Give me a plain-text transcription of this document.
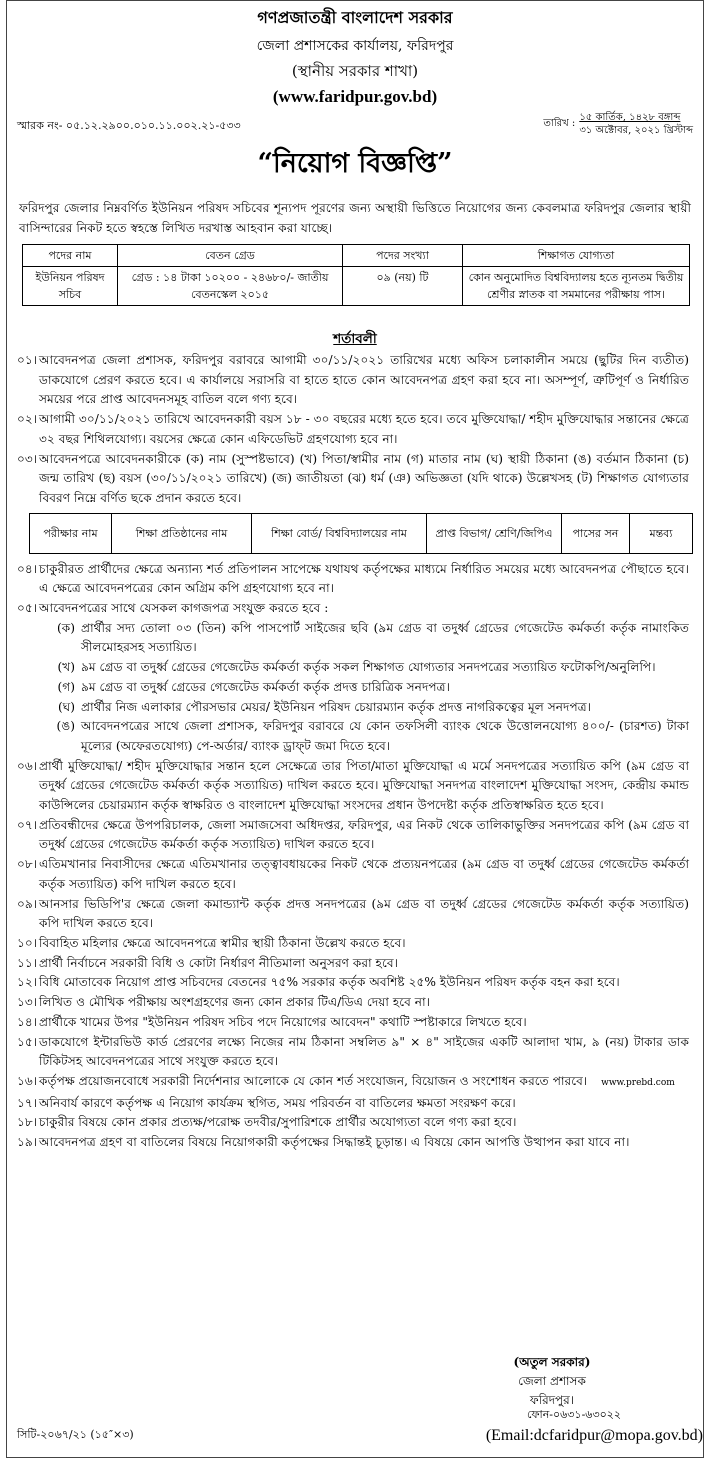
গণপ্রজাতন্ত্রী বাংলাদেশ সরকার
জেলা প্রশাসকের কার্যালয়, ফরিদপুর
(স্থানীয় সরকার শাখা)
(www.faridpur.gov.bd)
স্মারক নং- ০৫.১২.২৯০০.০১০.১১.০০২.২১-৫৩৩	তারিখ :
১৫ কার্তিক, ১৪২৮ বঙ্গাব্দ
৩১ অক্টোবর, ২০২১ খ্রিস্টাব্দ
“নিয়োগ বিজ্ঞপ্তি”
ফরিদপুর জেলার নিম্নবর্ণিত ইউনিয়ন পরিষদ সচিবের শূন্যপদ পূরণের জন্য অস্থায়ী ভিত্তিতে নিয়োগের জন্য কেবলমাত্র ফরিদপুর জেলার স্থায়ী বাসিন্দারের নিকট হতে স্বহস্তে লিখিত দরখাস্ত আহবান করা যাচ্ছে।
পদের নাম	বেতন গ্রেড	পদের সংখ্যা	শিক্ষাগত যোগ্যতা
ইউনিয়ন পরিষদ সচিব	গ্রেড : ১৪ টাকা ১০২০০ - ২৪৬৮০/- জাতীয় বেতনস্কেল ২০১৫	০৯ (নয়) টি	কোন অনুমোদিত বিশ্ববিদ্যালয় হতে ন্যূনতম দ্বিতীয় শ্রেণীর স্নাতক বা সমমানের পরীক্ষায় পাস।
শর্তাবলী
০১। আবেদনপত্র জেলা প্রশাসক, ফরিদপুর বরাবরে আগামী ৩০/১১/২০২১ তারিখের মধ্যে অফিস চলাকালীন সময়ে (ছুটির দিন ব্যতীত) ডাকযোগে প্রেরণ করতে হবে। এ কার্যালয়ে সরাসরি বা হাতে হাতে কোন আবেদনপত্র গ্রহণ করা হবে না। অসম্পূর্ণ, ত্রুটিপূর্ণ ও নির্ধারিত সময়ের পরে প্রাপ্ত আবেদনসমূহ বাতিল বলে গণ্য হবে।
০২। আগামী ৩০/১১/২০২১ তারিখে আবেদনকারী বয়স ১৮ - ৩০ বছরের মধ্যে হতে হবে। তবে মুক্তিযোদ্ধা/ শহীদ মুক্তিযোদ্ধার সন্তানের ক্ষেত্রে ৩২ বছর শিথিলযোগ্য। বয়সের ক্ষেত্রে কোন এফিডেভিট গ্রহণযোগ্য হবে না।
০৩। আবেদনপত্রে আবেদনকারীকে (ক) নাম (সুস্পষ্টভাবে) (খ) পিতা/স্বামীর নাম (গ) মাতার নাম (ঘ) স্থায়ী ঠিকানা (ঙ) বর্তমান ঠিকানা (চ) জন্ম তারিখ (ছ) বয়স (৩০/১১/২০২১ তারিখে) (জ) জাতীয়তা (ঝ) ধর্ম (ঞ) অভিজ্ঞতা (যদি থাকে) উল্লেখসহ (ট) শিক্ষাগত যোগ্যতার বিবরণ নিম্নে বর্ণিত ছকে প্রদান করতে হবে।
পরীক্ষার নাম	শিক্ষা প্রতিষ্ঠানের নাম	শিক্ষা বোর্ড/ বিশ্ববিদ্যালয়ের নাম	প্রাপ্ত বিভাগ/ শ্রেণি/জিপিএ	পাসের সন	মন্তব্য
০৪। চাকুরীরত প্রার্থীদের ক্ষেত্রে অন্যান্য শর্ত প্রতিপালন সাপেক্ষে যথাযথ কর্তৃপক্ষের মাধ্যমে নির্ধারিত সময়ের মধ্যে আবেদনপত্র পৌছাতে হবে। এ ক্ষেত্রে আবেদনপত্রের কোন অগ্রিম কপি গ্রহণযোগ্য হবে না।
০৫। আবেদনপত্রের সাথে যেসকল কাগজপত্র সংযুক্ত করতে হবে :
(ক) প্রার্থীর সদ্য তোলা ০৩ (তিন) কপি পাসপোর্ট সাইজের ছবি (৯ম গ্রেড বা তদুর্ধ্ব গ্রেডের গেজেটেড কর্মকর্তা কর্তৃক নামাংকিত সীলমোহরসহ সত্যায়িত।
(খ) ৯ম গ্রেড বা তদুর্ধ্ব গ্রেডের গেজেটেড কর্মকর্তা কর্তৃক সকল শিক্ষাগত যোগ্যতার সনদপত্রের সত্যায়িত ফটোকপি/অনুলিপি।
(গ) ৯ম গ্রেড বা তদুর্ধ্ব গ্রেডের গেজেটেড কর্মকর্তা কর্তৃক প্রদত্ত চারিত্রিক সনদপত্র।
(ঘ) প্রার্থীর নিজ এলাকার পৌরসভার মেয়র/ ইউনিয়ন পরিষদ চেয়ারম্যান কর্তৃক প্রদত্ত নাগরিকত্বের মূল সনদপত্র।
(ঙ) আবেদনপত্রের সাথে জেলা প্রশাসক, ফরিদপুর বরাবরে যে কোন তফসিলী ব্যাংক থেকে উত্তোলনযোগ্য ৪০০/- (চারশত) টাকা মূল্যের (অফেরতযোগ্য) পে-অর্ডার/ ব্যাংক ড্রাফ্‌ট জমা দিতে হবে।
০৬। প্রার্থী মুক্তিযোদ্ধা/ শহীদ মুক্তিযোদ্ধার সন্তান হলে সেক্ষেত্রে তার পিতা/মাতা মুক্তিযোদ্ধা এ মর্মে সনদপত্রের সত্যায়িত কপি (৯ম গ্রেড বা তদুর্ধ্ব গ্রেডের গেজেটেড কর্মকর্তা কর্তৃক সত্যায়িত) দাখিল করতে হবে। মুক্তিযোদ্ধা সনদপত্র বাংলাদেশ মুক্তিযোদ্ধা সংসদ, কেন্দ্রীয় কমান্ড কাউন্সিলের চেয়ারম্যান কর্তৃক স্বাক্ষরিত ও বাংলাদেশ মুক্তিযোদ্ধা সংসদের প্রধান উপদেষ্টা কর্তৃক প্রতিস্বাক্ষরিত হতে হবে।
০৭। প্রতিবন্ধীদের ক্ষেত্রে উপপরিচালক, জেলা সমাজসেবা অধিদপ্তর, ফরিদপুর, এর নিকট থেকে তালিকাভুক্তির সনদপত্রের কপি (৯ম গ্রেড বা তদুর্ধ্ব গ্রেডের গেজেটেড কর্মকর্তা কর্তৃক সত্যায়িত) দাখিল করতে হবে।
০৮। এতিমখানার নিবাসীদের ক্ষেত্রে এতিমখানার তত্ত্বাবধায়কের নিকট থেকে প্রত্যয়নপত্রের (৯ম গ্রেড বা তদুর্ধ্ব গ্রেডের গেজেটেড কর্মকর্তা কর্তৃক সত্যায়িত) কপি দাখিল করতে হবে।
০৯। আনসার ভিডিপি'র ক্ষেত্রে জেলা কমান্ড্যান্ট কর্তৃক প্রদত্ত সনদপত্রের (৯ম গ্রেড বা তদুর্ধ্ব গ্রেডের গেজেটেড কর্মকর্তা কর্তৃক সত্যায়িত) কপি দাখিল করতে হবে।
১০। বিবাহিত মহিলার ক্ষেত্রে আবেদনপত্রে স্বামীর স্থায়ী ঠিকানা উল্লেখ করতে হবে।
১১। প্রার্থী নির্বাচনে সরকারী বিধি ও কোটা নির্ধারণ নীতিমালা অনুসরণ করা হবে।
১২। বিধি মোতাবেক নিয়োগ প্রাপ্ত সচিবদের বেতনের ৭৫% সরকার কর্তৃক অবশিষ্ট ২৫% ইউনিয়ন পরিষদ কর্তৃক বহন করা হবে।
১৩। লিখিত ও মৌখিক পরীক্ষায় অংশগ্রহণের জন্য কোন প্রকার টিএ/ডিএ দেয়া হবে না।
১৪। প্রার্থীকে খামের উপর "ইউনিয়ন পরিষদ সচিব পদে নিয়োগের আবেদন" কথাটি স্পষ্টাকারে লিখতে হবে।
১৫। ডাকযোগে ইন্টারভিউ কার্ড প্রেরণের লক্ষ্যে নিজের নাম ঠিকানা সম্বলিত ৯" × ৪" সাইজের একটি আলাদা খাম, ৯ (নয়) টাকার ডাক টিকিটসহ আবেদনপত্রের সাথে সংযুক্ত করতে হবে।
১৬। কর্তৃপক্ষ প্রয়োজনবোধে সরকারী নির্দেশনার আলোকে যে কোন শর্ত সংযোজন, বিয়োজন ও সংশোধন করতে পারবে। www.prebd.com
১৭। অনিবার্য কারণে কর্তৃপক্ষ এ নিয়োগ কার্যক্রম স্থগিত, সময় পরিবর্তন বা বাতিলের ক্ষমতা সংরক্ষণ করে।
১৮। চাকুরীর বিষয়ে কোন প্রকার প্রত্যক্ষ/পরোক্ষ তদবীর/সুপারিশকে প্রার্থীর অযোগ্যতা বলে গণ্য করা হবে।
১৯। আবেদনপত্র গ্রহণ বা বাতিলের বিষয়ে নিয়োগকারী কর্তৃপক্ষের সিদ্ধান্তই চূড়ান্ত। এ বিষয়ে কোন আপত্তি উত্থাপন করা যাবে না।
(অতুল সরকার)
জেলা প্রশাসক
ফরিদপুর।
ফোন-০৬৩১-৬৩০২২
সিটি-২০৬৭/২১ (১৫″×৩)	(Email:dcfaridpur@mopa.gov.bd)
